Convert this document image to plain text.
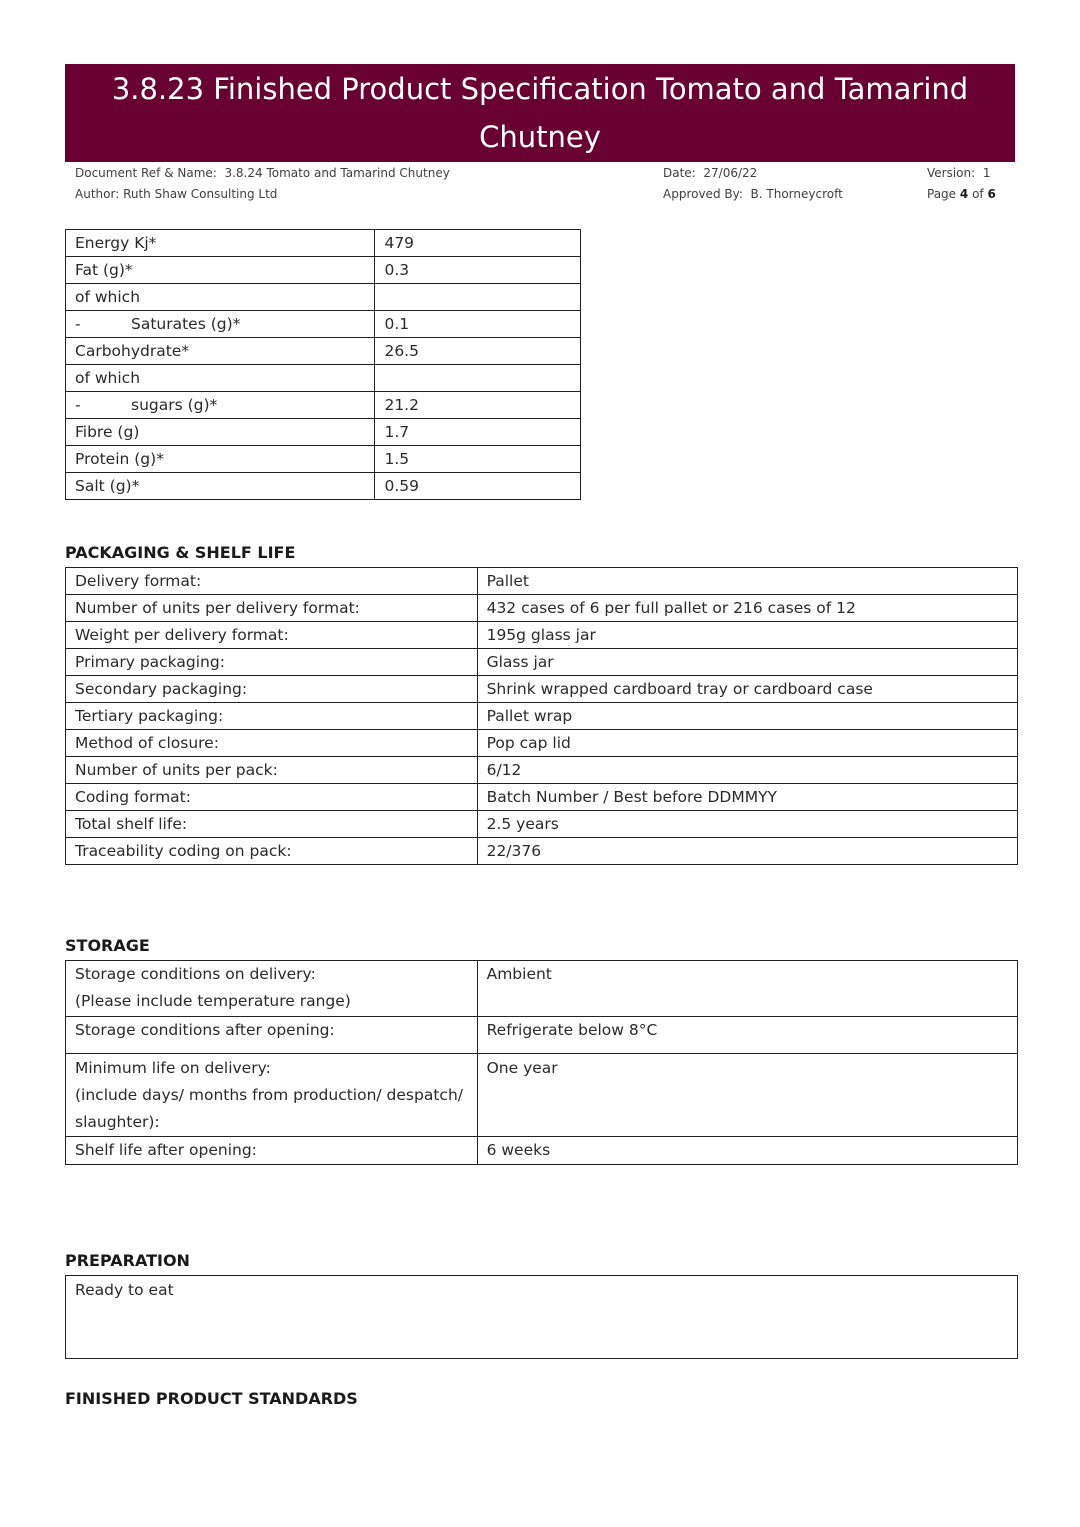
3.8.23 Finished Product Specification Tomato and Tamarind
Chutney
Document Ref & Name: 3.8.24 Tomato and Tamarind Chutney
Author: Ruth Shaw Consulting Ltd
Date: 27/06/22
Approved By: B. Thorneycroft
Version: 1
Page 4 of 6
Energy Kj*	479
Fat (g)*	0.3
of which	
- Saturates (g)*	0.1
Carbohydrate*	26.5
of which	
- sugars (g)*	21.2
Fibre (g)	1.7
Protein (g)*	1.5
Salt (g)*	0.59
PACKAGING & SHELF LIFE
Delivery format:	Pallet
Number of units per delivery format:	432 cases of 6 per full pallet or 216 cases of 12
Weight per delivery format:	195g glass jar
Primary packaging:	Glass jar
Secondary packaging:	Shrink wrapped cardboard tray or cardboard case
Tertiary packaging:	Pallet wrap
Method of closure:	Pop cap lid
Number of units per pack:	6/12
Coding format:	Batch Number / Best before DDMMYY
Total shelf life:	2.5 years
Traceability coding on pack:	22/376
STORAGE
Storage conditions on delivery:
(Please include temperature range)	Ambient

Storage conditions after opening:	Refrigerate below 8°C

Minimum life on delivery:
(include days/ months from production/ despatch/
slaughter):	One year

Shelf life after opening:	6 weeks
PREPARATION
Ready to eat
FINISHED PRODUCT STANDARDS
